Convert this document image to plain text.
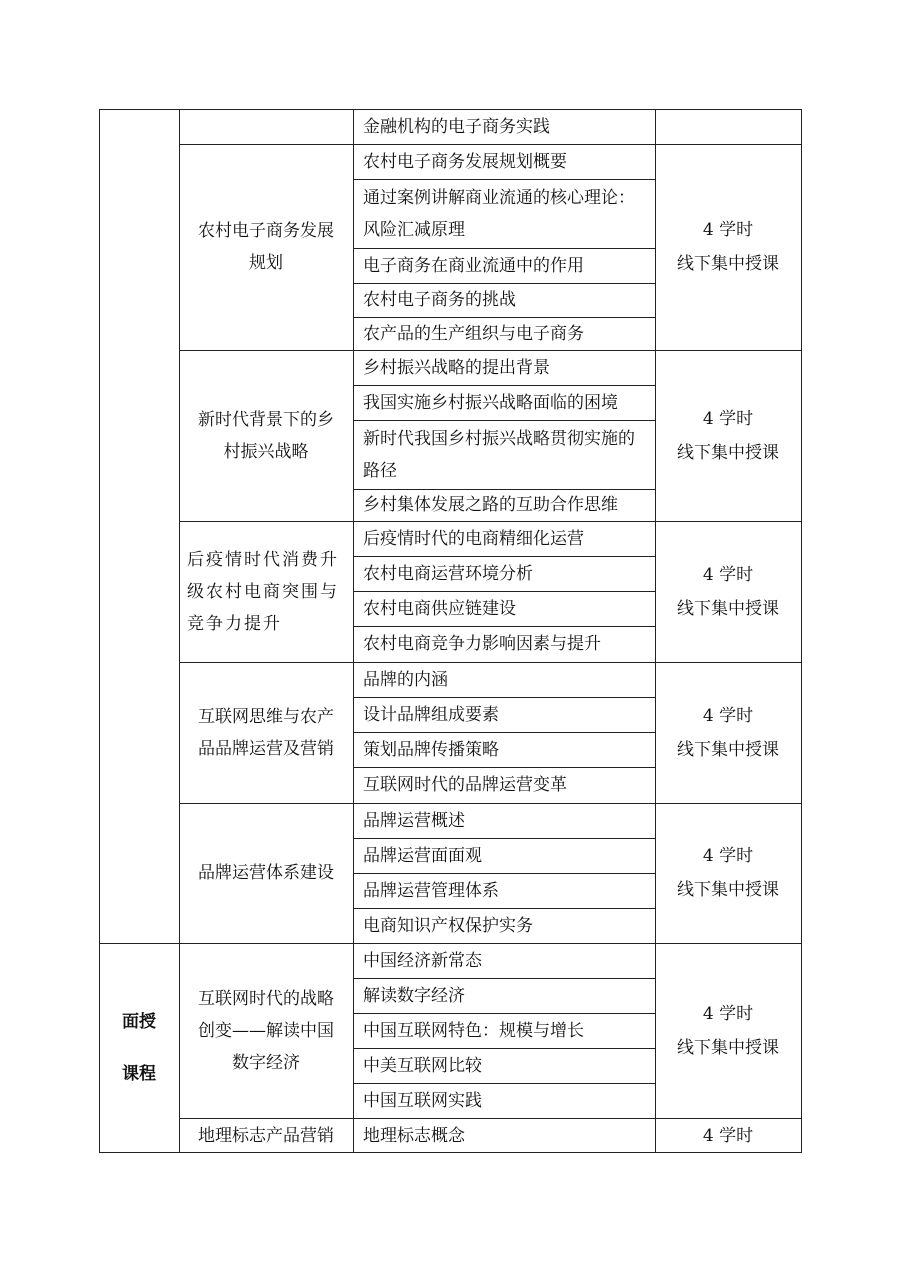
面授
课程
金融机构的电子商务实践
农村电子商务发展规划
农村电子商务发展规划概要
通过案例讲解商业流通的核心理论：风险汇减原理
电子商务在商业流通中的作用
农村电子商务的挑战
农产品的生产组织与电子商务
4 学时
线下集中授课
新时代背景下的乡村振兴战略
乡村振兴战略的提出背景
我国实施乡村振兴战略面临的困境
新时代我国乡村振兴战略贯彻实施的路径
乡村集体发展之路的互助合作思维
4 学时
线下集中授课
后疫情时代消费升级农村电商突围与竞争力提升
后疫情时代的电商精细化运营
农村电商运营环境分析
农村电商供应链建设
农村电商竞争力影响因素与提升
4 学时
线下集中授课
互联网思维与农产品品牌运营及营销
品牌的内涵
设计品牌组成要素
策划品牌传播策略
互联网时代的品牌运营变革
4 学时
线下集中授课
品牌运营体系建设
品牌运营概述
品牌运营面面观
品牌运营管理体系
电商知识产权保护实务
4 学时
线下集中授课
互联网时代的战略创变——解读中国数字经济
中国经济新常态
解读数字经济
中国互联网特色：规模与增长
中美互联网比较
中国互联网实践
4 学时
线下集中授课
地理标志产品营销 地理标志概念	4 学时
